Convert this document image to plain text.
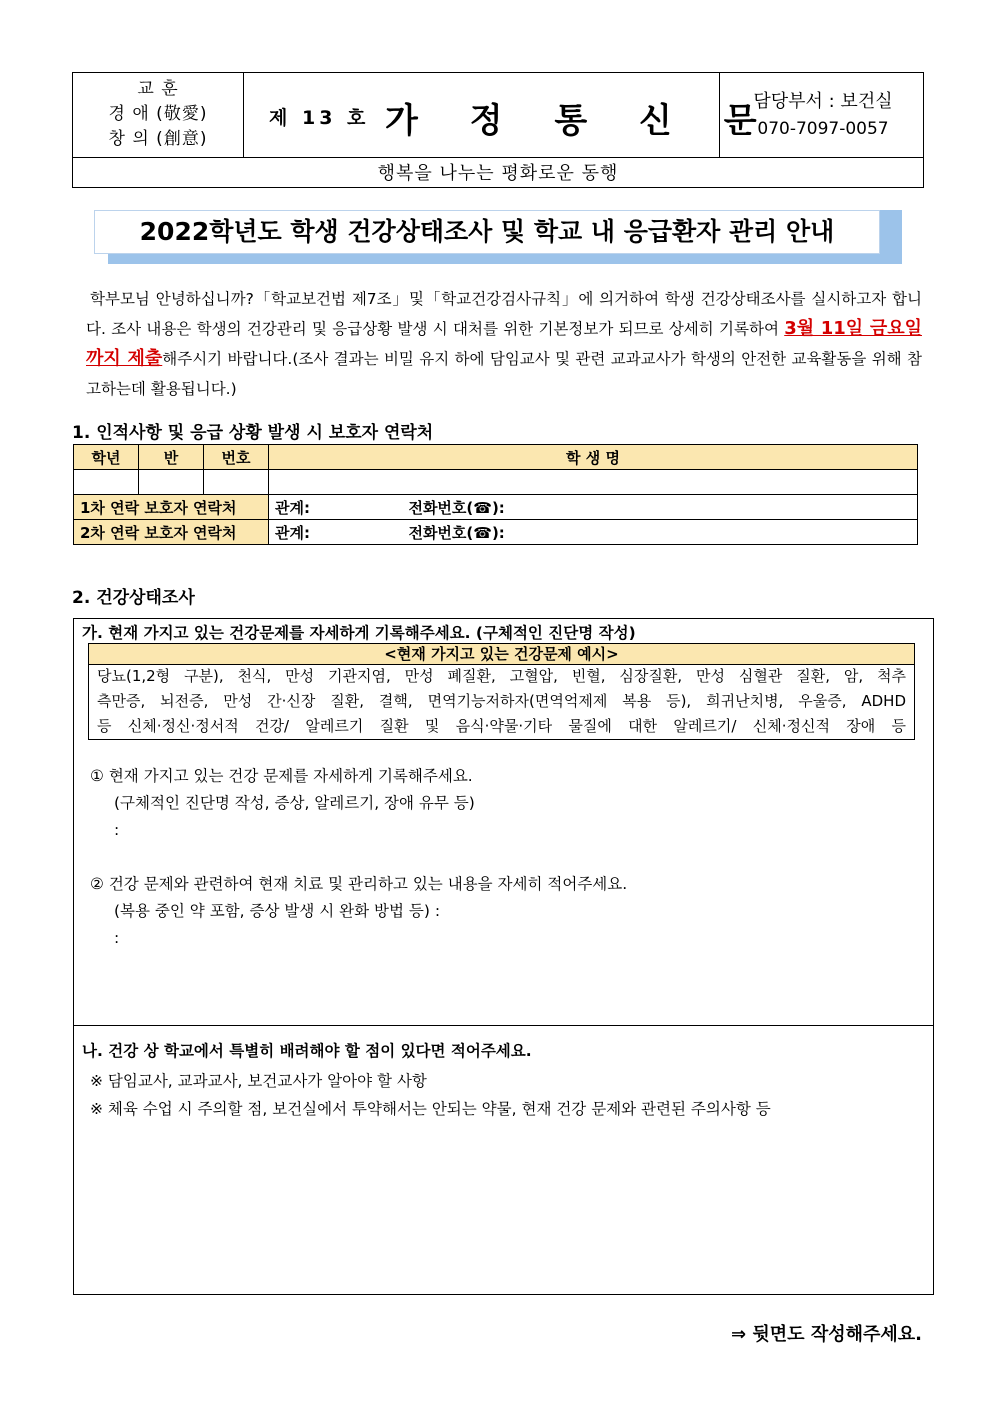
교 훈
경 애 (敬愛)
창 의 (創意)
제 13 호 가 정 통 신 문
담당부서 : 보건실
070-7097-0057
행복을 나누는 평화로운 동행
2022학년도 학생 건강상태조사 및 학교 내 응급환자 관리 안내
학부모님 안녕하십니까?「학교보건법 제7조」및「학교건강검사규칙」에 의거하여 학생 건강상태조사를 실시하고자 합니다. 조사 내용은 학생의 건강관리 및 응급상황 발생 시 대처를 위한 기본정보가 되므로 상세히 기록하여 3월 11일 금요일까지 제출해주시기 바랍니다.(조사 결과는 비밀 유지 하에 담임교사 및 관련 교과교사가 학생의 안전한 교육활동을 위해 참고하는데 활용됩니다.)
1. 인적사항 및 응급 상황 발생 시 보호자 연락처
학년	반	번호	학 생 명

1차 연락 보호자 연락처			관계: 전화번호(☎):
2차 연락 보호자 연락처			관계: 전화번호(☎):
2. 건강상태조사
가. 현재 가지고 있는 건강문제를 자세하게 기록해주세요. (구체적인 진단명 작성)
<현재 가지고 있는 건강문제 예시>
당뇨(1,2형 구분), 천식, 만성 기관지염, 만성 폐질환, 고혈압, 빈혈, 심장질환, 만성 심혈관 질환, 암, 척추
측만증, 뇌전증, 만성 간·신장 질환, 결핵, 면역기능저하자(면역억제제 복용 등), 희귀난치병, 우울증, ADHD
등 신체·정신·정서적 건강/ 알레르기 질환 및 음식·약물·기타 물질에 대한 알레르기/ 신체·정신적 장애 등
① 현재 가지고 있는 건강 문제를 자세하게 기록해주세요.
(구체적인 진단명 작성, 증상, 알레르기, 장애 유무 등)
:
② 건강 문제와 관련하여 현재 치료 및 관리하고 있는 내용을 자세히 적어주세요.
(복용 중인 약 포함, 증상 발생 시 완화 방법 등) :
:
나. 건강 상 학교에서 특별히 배려해야 할 점이 있다면 적어주세요.
※ 담임교사, 교과교사, 보건교사가 알아야 할 사항
※ 체육 수업 시 주의할 점, 보건실에서 투약해서는 안되는 약물, 현재 건강 문제와 관련된 주의사항 등
⇒ 뒷면도 작성해주세요.
